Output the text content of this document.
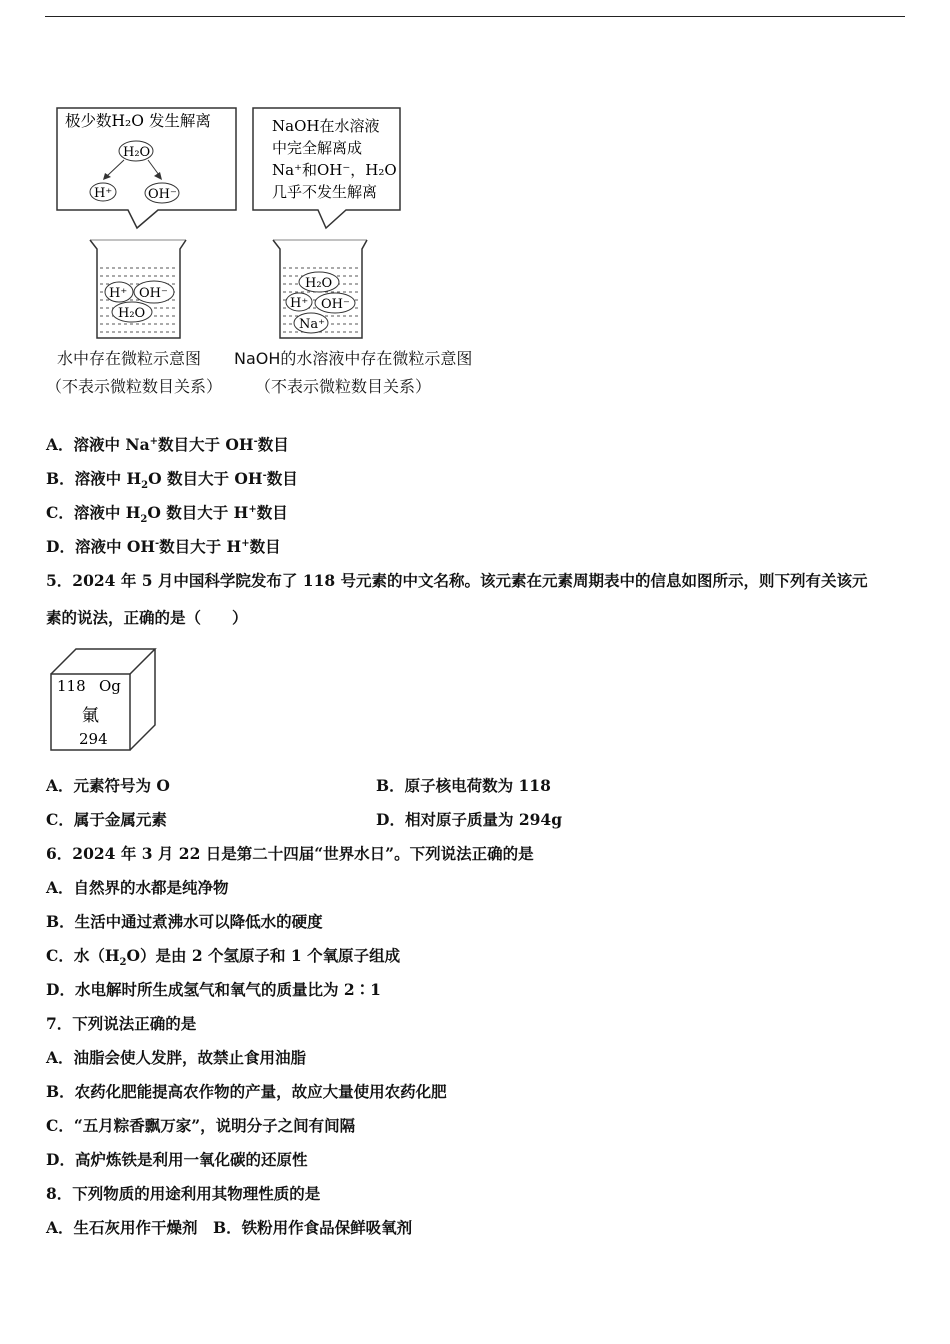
极少数H₂O 发生解离
H₂O
H⁺	OH⁻
NaOH在水溶液
中完全解离成
Na⁺和OH⁻，H₂O
几乎不发生解离
H⁺ OH⁻
H₂O
H₂O
H⁺ OH⁻
Na⁺
水中存在微粒示意图
（不表示微粒数目关系）
NaOH的水溶液中存在微粒示意图
（不表示微粒数目关系）
A．溶液中 Na+数目大于 OH-数目
B．溶液中 $H_2O$ 数目大于 OH-数目
C．溶液中 $H_2O$ 数目大于 H+数目
D．溶液中 OH-数目大于 H+数目
5．2024 年 5 月中国科学院发布了 118 号元素的中文名称。该元素在元素周期表中的信息如图所示，则下列有关该元
素的说法，正确的是（　　）
118 Og
氭
294
A．元素符号为 O	B．原子核电荷数为 118
C．属于金属元素	D．相对原子质量为 294g
6．2024 年 3 月 22 日是第二十四届“世界水日”。下列说法正确的是
A．自然界的水都是纯净物
B．生活中通过煮沸水可以降低水的硬度
C．水$(H_2O)$是由 2 个氢原子和 1 个氧原子组成
D．水电解时所生成氢气和氧气的质量比为 2∶1
7．下列说法正确的是
A．油脂会使人发胖，故禁止食用油脂
B．农药化肥能提高农作物的产量，故应大量使用农药化肥
C．“五月粽香飘万家”，说明分子之间有间隔
D．高炉炼铁是利用一氧化碳的还原性
8．下列物质的用途利用其物理性质的是
A．生石灰用作干燥剂　B．铁粉用作食品保鲜吸氧剂
